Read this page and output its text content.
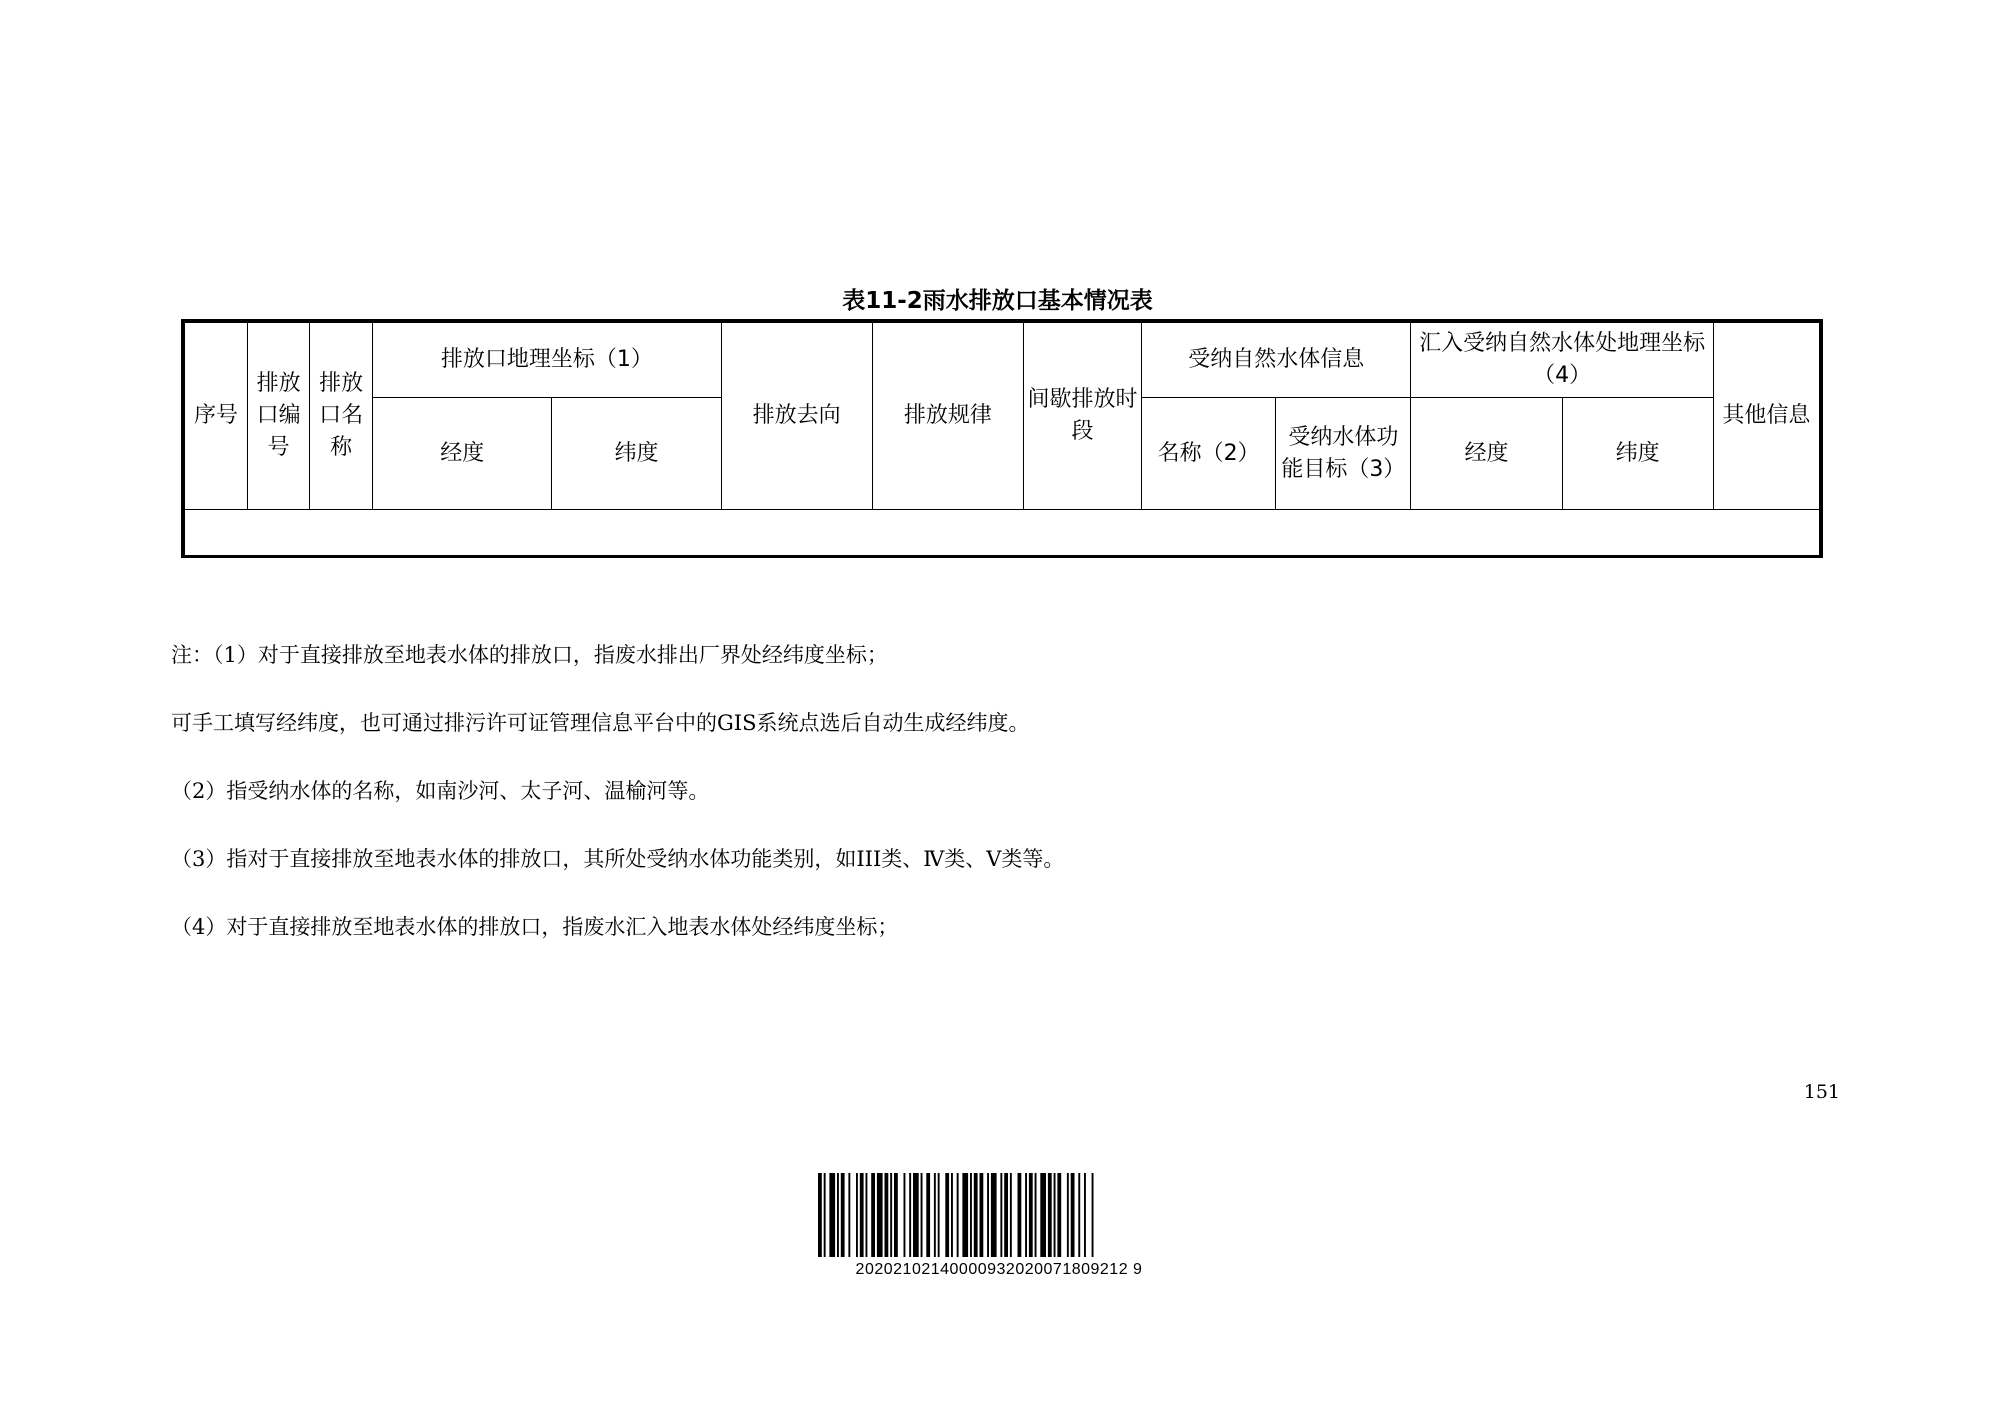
表11-2雨水排放口基本情况表
序号	排放口编号	排放口名称	排放口地理坐标（1）		排放去向	排放规律	间歇排放时段	受纳自然水体信息		汇入受纳自然水体处地理坐标（4）		其他信息
			经度	纬度				名称（2）	受纳水体功能目标（3）	经度	纬度	

注：（1）对于直接排放至地表水体的排放口，指废水排出厂界处经纬度坐标；

可手工填写经纬度，也可通过排污许可证管理信息平台中的GIS系统点选后自动生成经纬度。

（2）指受纳水体的名称，如南沙河、太子河、温榆河等。

（3）指对于直接排放至地表水体的排放口，其所处受纳水体功能类别，如III类、Ⅳ类、Ⅴ类等。

（4）对于直接排放至地表水体的排放口，指废水汇入地表水体处经纬度坐标；

151
20202102140000932020071809212 9
